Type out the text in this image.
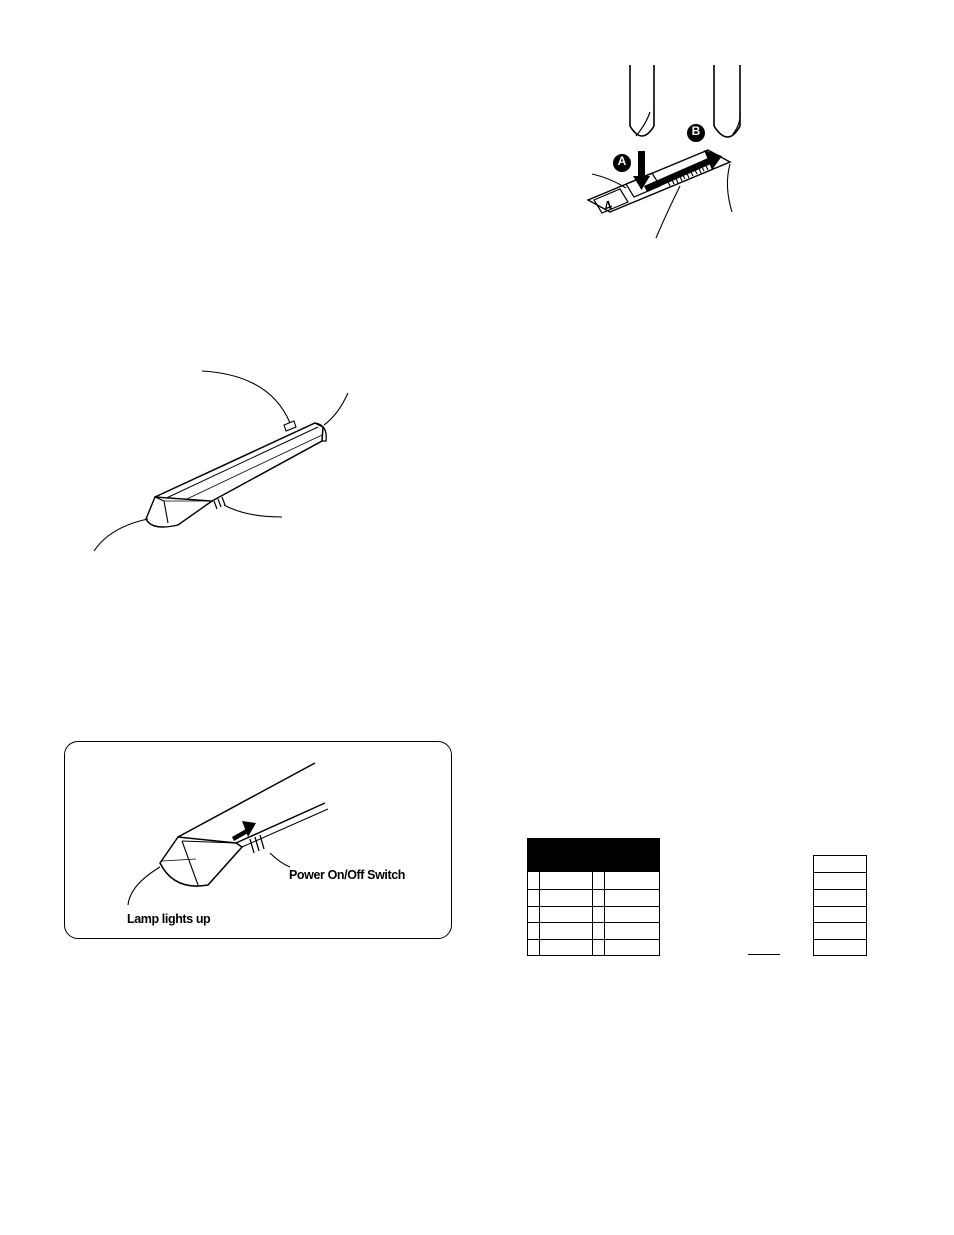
A
B
4
Power On/Off Switch
Lamp lights up
